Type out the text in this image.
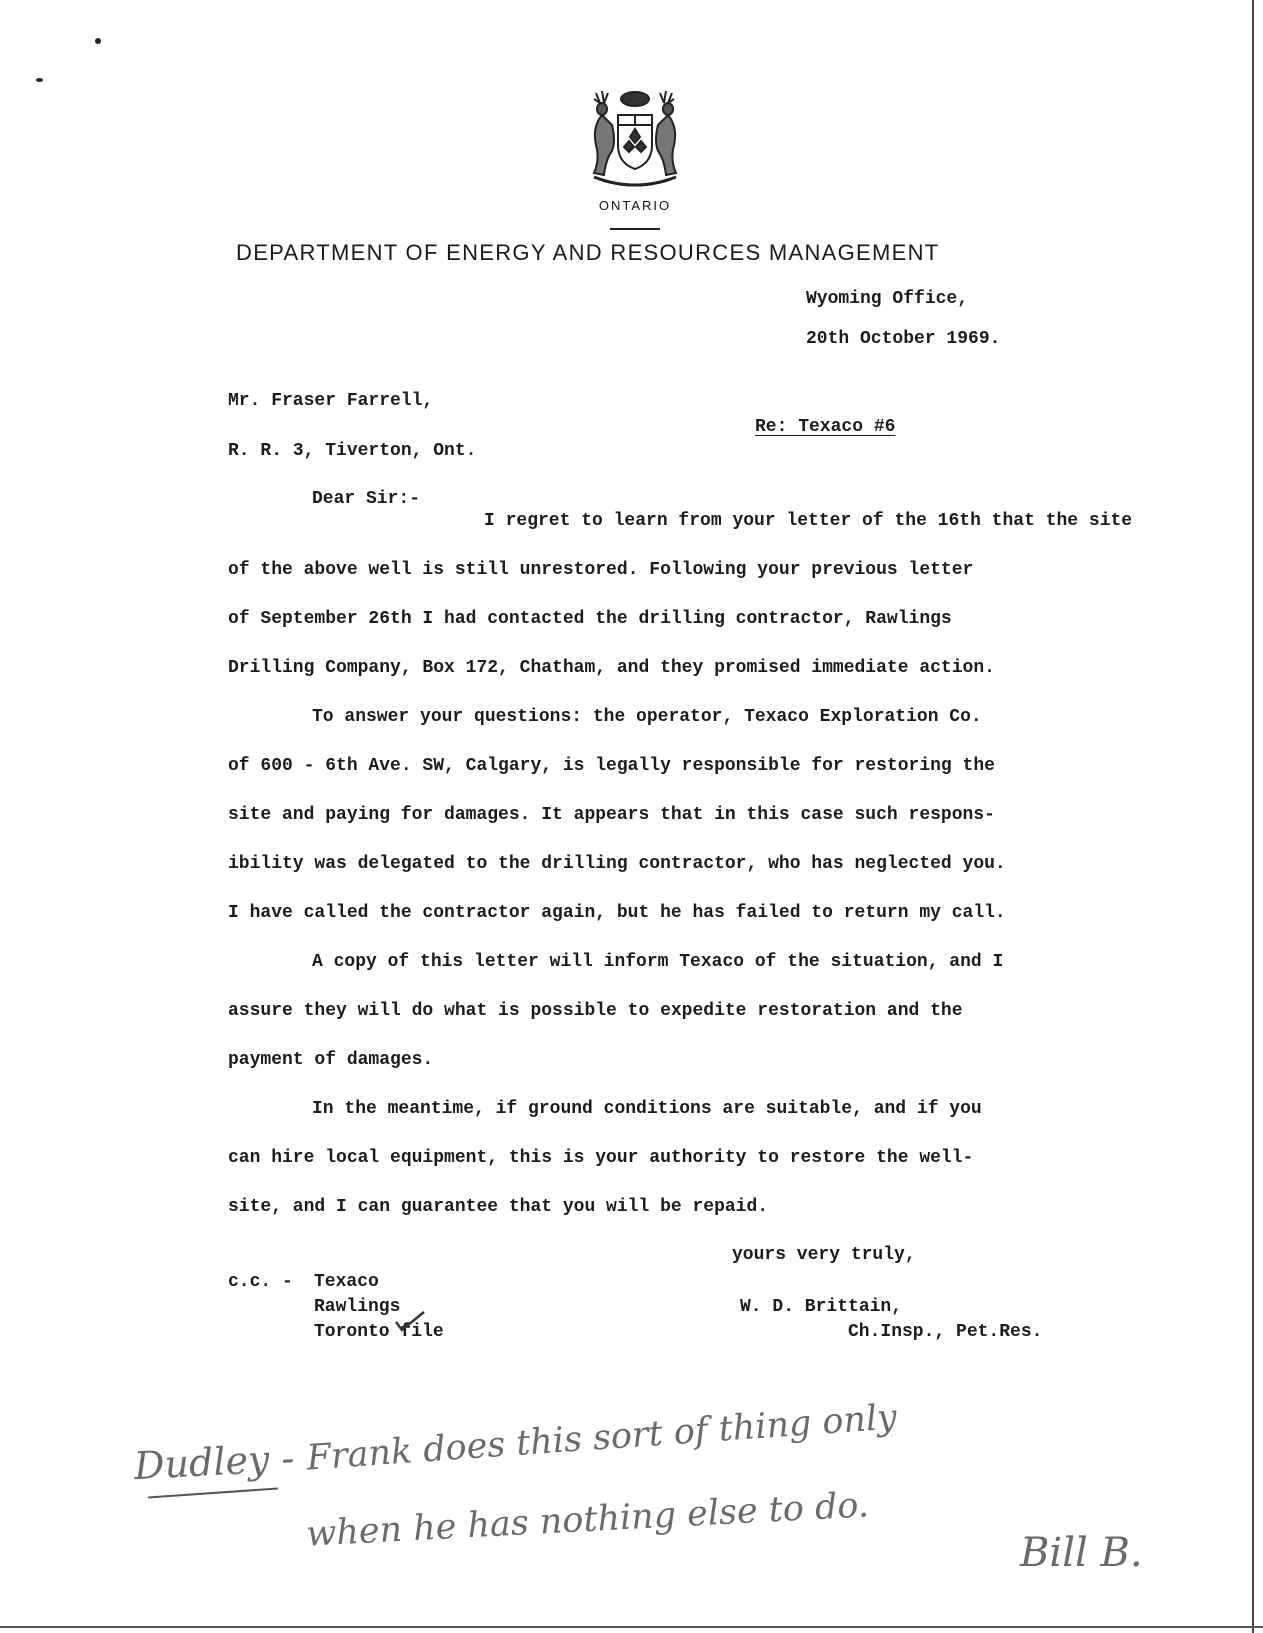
ONTARIO
DEPARTMENT OF ENERGY AND RESOURCES MANAGEMENT
Wyoming Office,
20th October 1969.
Mr. Fraser Farrell,
Re: Texaco #6
R. R. 3, Tiverton, Ont.
Dear Sir:-
I regret to learn from your letter of the 16th that the site
of the above well is still unrestored. Following your previous letter
of September 26th I had contacted the drilling contractor, Rawlings
Drilling Company, Box 172, Chatham, and they promised immediate action.
To answer your questions: the operator, Texaco Exploration Co.
of 600 - 6th Ave. SW, Calgary, is legally responsible for restoring the
site and paying for damages. It appears that in this case such respons-
ibility was delegated to the drilling contractor, who has neglected you.
I have called the contractor again, but he has failed to return my call.
A copy of this letter will inform Texaco of the situation, and I
assure they will do what is possible to expedite restoration and the
payment of damages.
In the meantime, if ground conditions are suitable, and if you
can hire local equipment, this is your authority to restore the well-
site, and I can guarantee that you will be repaid.
yours very truly,
c.c. - Texaco
Rawlings
Toronto file
W. D. Brittain,
Ch.Insp., Pet.Res.
Dudley - Frank does this sort of thing only
when he has nothing else to do.	Bill B.
